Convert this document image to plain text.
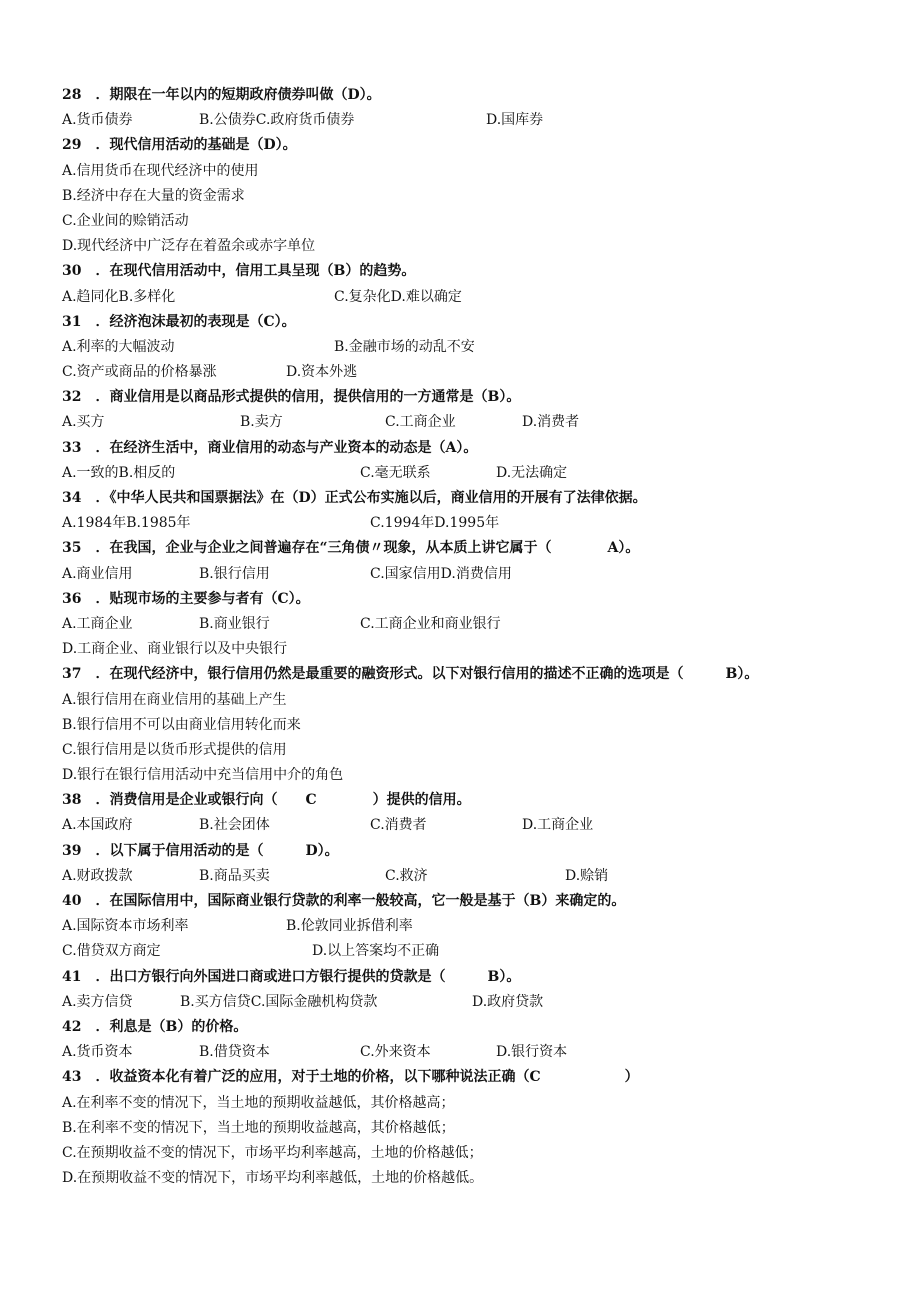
28　．期限在一年以内的短期政府债券叫做（D）。
A.货币债券	B.公债券C.政府货币债券	D.国库券
29　．现代信用活动的基础是（D）。
A.信用货币在现代经济中的使用
B.经济中存在大量的资金需求
C.企业间的赊销活动
D.现代经济中广泛存在着盈余或赤字单位
30　．在现代信用活动中，信用工具呈现（B）的趋势。
A.趋同化B.多样化	C.复杂化D.难以确定
31　．经济泡沫最初的表现是（C）。
A.利率的大幅波动	B.金融市场的动乱不安
C.资产或商品的价格暴涨	D.资本外逃
32　．商业信用是以商品形式提供的信用，提供信用的一方通常是（B）。
A.买方	B.卖方	C.工商企业	D.消费者
33　．在经济生活中，商业信用的动态与产业资本的动态是（A）。
A.一致的B.相反的	C.毫无联系	D.无法确定
34　．《中华人民共和国票据法》在（D）正式公布实施以后，商业信用的开展有了法律依据。
A.1984年B.1985年	C.1994年D.1995年
35　．在我国，企业与企业之间普遍存在“三角债〃现象，从本质上讲它属于（　　　　A）。
A.商业信用	B.银行信用	C.国家信用D.消费信用
36　．贴现市场的主要参与者有（C）。
A.工商企业	B.商业银行	C.工商企业和商业银行
D.工商企业、商业银行以及中央银行
37　．在现代经济中，银行信用仍然是最重要的融资形式。以下对银行信用的描述不正确的选项是（　　　B）。
A.银行信用在商业信用的基础上产生
B.银行信用不可以由商业信用转化而来
C.银行信用是以货币形式提供的信用
D.银行在银行信用活动中充当信用中介的角色
38　．消费信用是企业或银行向（　　C　　　　）提供的信用。
A.本国政府	B.社会团体	C.消费者	D.工商企业
39　．以下属于信用活动的是（　　　D）。
A.财政拨款	B.商品买卖	C.救济	D.赊销
40　．在国际信用中，国际商业银行贷款的利率一般较高，它一般是基于（B）来确定的。
A.国际资本市场利率	B.伦敦同业拆借利率
C.借贷双方商定	D.以上答案均不正确
41　．出口方银行向外国进口商或进口方银行提供的贷款是（　　　B）。
A.卖方信贷	B.买方信贷C.国际金融机构贷款	D.政府贷款
42　．利息是（B）的价格。
A.货币资本	B.借贷资本	C.外来资本	D.银行资本
43　．收益资本化有着广泛的应用，对于土地的价格，以下哪种说法正确（C　　　　　　）
A.在利率不变的情况下，当土地的预期收益越低，其价格越高；
B.在利率不变的情况下，当土地的预期收益越高，其价格越低；
C.在预期收益不变的情况下，市场平均利率越高，土地的价格越低；
D.在预期收益不变的情况下，市场平均利率越低，土地的价格越低。
